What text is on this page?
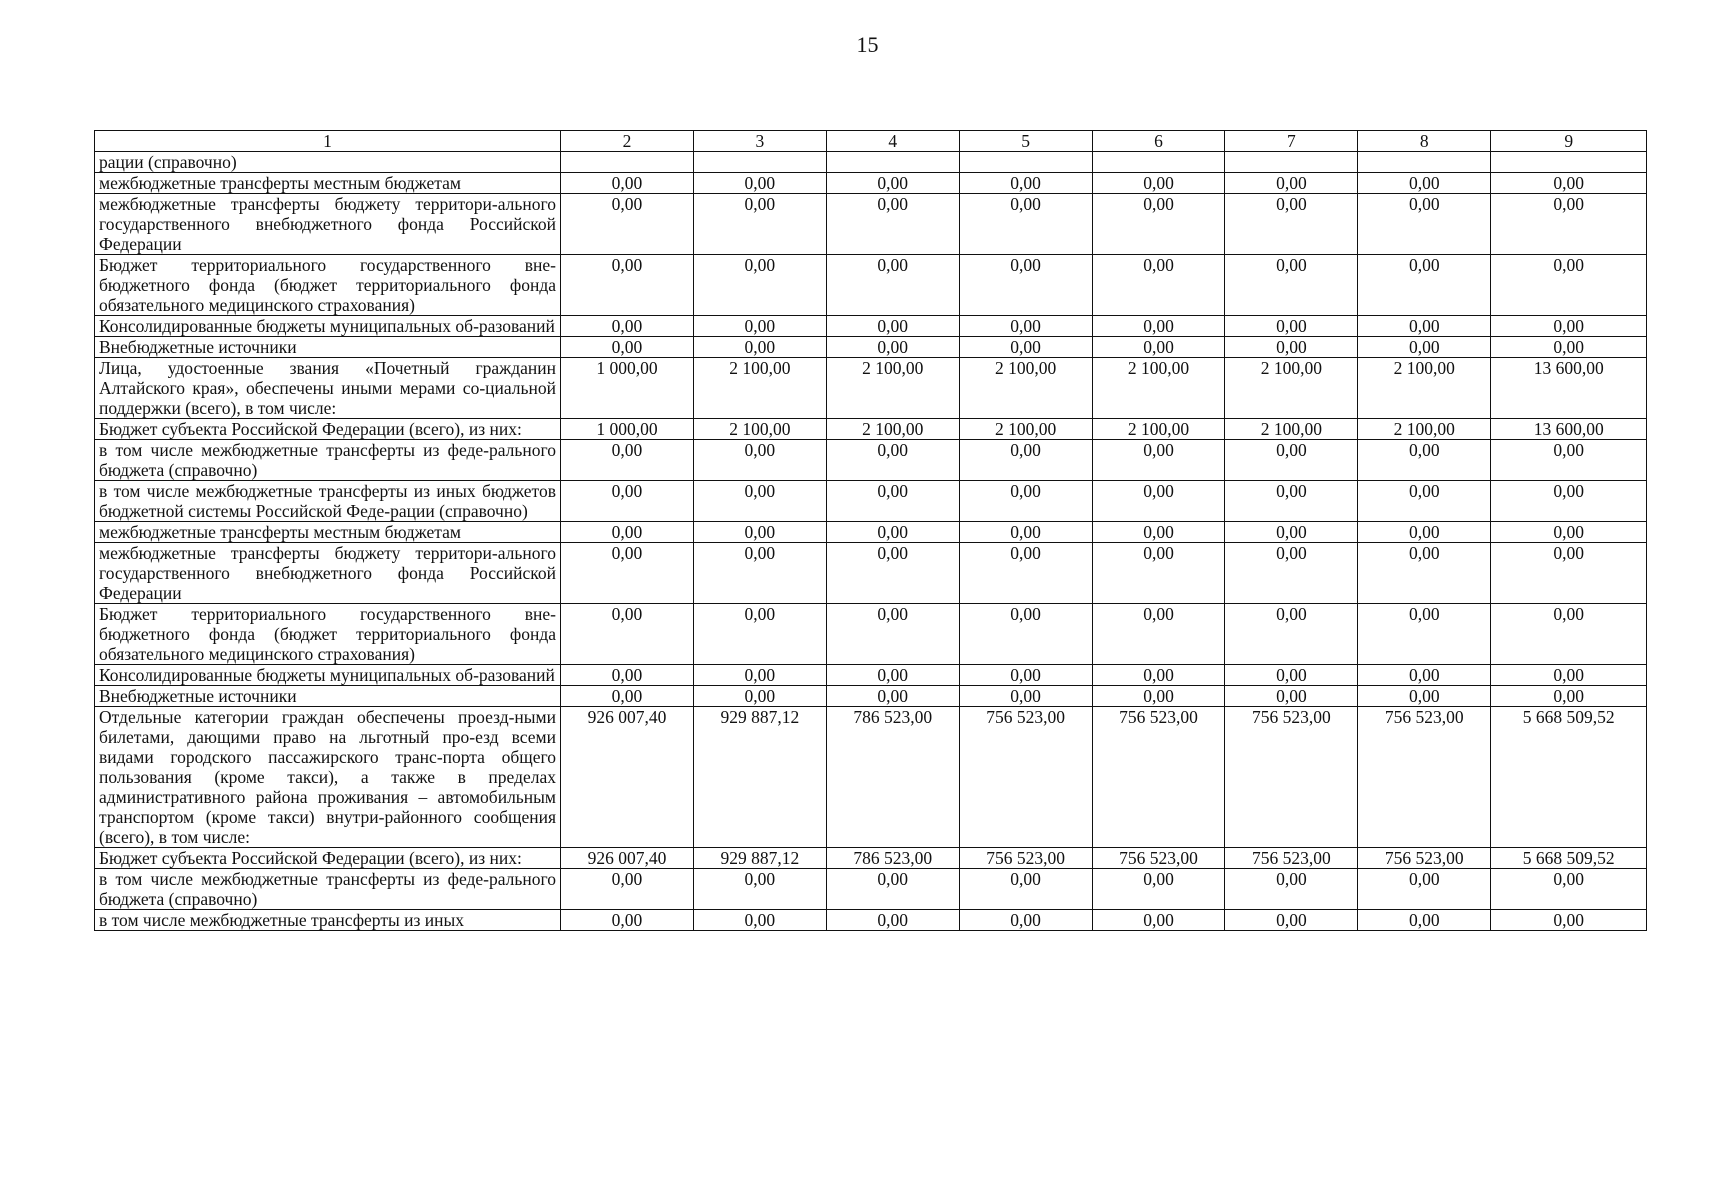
15
1	2	3	4	5	6	7	8	9
рации (справочно)								
межбюджетные трансферты местным бюджетам	0,00	0,00	0,00	0,00	0,00	0,00	0,00	0,00
межбюджетные трансферты бюджету территори-ального государственного внебюджетного фонда Российской Федерации	0,00	0,00	0,00	0,00	0,00	0,00	0,00	0,00
Бюджет территориального государственного вне-бюджетного фонда (бюджет территориального фонда обязательного медицинского страхования)	0,00	0,00	0,00	0,00	0,00	0,00	0,00	0,00
Консолидированные бюджеты муниципальных об-разований	0,00	0,00	0,00	0,00	0,00	0,00	0,00	0,00
Внебюджетные источники	0,00	0,00	0,00	0,00	0,00	0,00	0,00	0,00
Лица, удостоенные звания «Почетный гражданин Алтайского края», обеспечены иными мерами со-циальной поддержки (всего), в том числе:	1 000,00	2 100,00	2 100,00	2 100,00	2 100,00	2 100,00	2 100,00	13 600,00
Бюджет субъекта Российской Федерации (всего), из них:	1 000,00	2 100,00	2 100,00	2 100,00	2 100,00	2 100,00	2 100,00	13 600,00
в том числе межбюджетные трансферты из феде-рального бюджета (справочно)	0,00	0,00	0,00	0,00	0,00	0,00	0,00	0,00
в том числе межбюджетные трансферты из иных бюджетов бюджетной системы Российской Феде-рации (справочно)	0,00	0,00	0,00	0,00	0,00	0,00	0,00	0,00
межбюджетные трансферты местным бюджетам	0,00	0,00	0,00	0,00	0,00	0,00	0,00	0,00
межбюджетные трансферты бюджету территори-ального государственного внебюджетного фонда Российской Федерации	0,00	0,00	0,00	0,00	0,00	0,00	0,00	0,00
Бюджет территориального государственного вне-бюджетного фонда (бюджет территориального фонда обязательного медицинского страхования)	0,00	0,00	0,00	0,00	0,00	0,00	0,00	0,00
Консолидированные бюджеты муниципальных об-разований	0,00	0,00	0,00	0,00	0,00	0,00	0,00	0,00
Внебюджетные источники	0,00	0,00	0,00	0,00	0,00	0,00	0,00	0,00
Отдельные категории граждан обеспечены проезд-ными билетами, дающими право на льготный про-езд всеми видами городского пассажирского транс-порта общего пользования (кроме такси), а также в пределах административного района проживания – автомобильным транспортом (кроме такси) внутри-районного сообщения (всего), в том числе:	926 007,40	929 887,12	786 523,00	756 523,00	756 523,00	756 523,00	756 523,00	5 668 509,52
Бюджет субъекта Российской Федерации (всего), из них:	926 007,40	929 887,12	786 523,00	756 523,00	756 523,00	756 523,00	756 523,00	5 668 509,52
в том числе межбюджетные трансферты из феде-рального бюджета (справочно)	0,00	0,00	0,00	0,00	0,00	0,00	0,00	0,00
в том числе межбюджетные трансферты из иных	0,00	0,00	0,00	0,00	0,00	0,00	0,00	0,00
